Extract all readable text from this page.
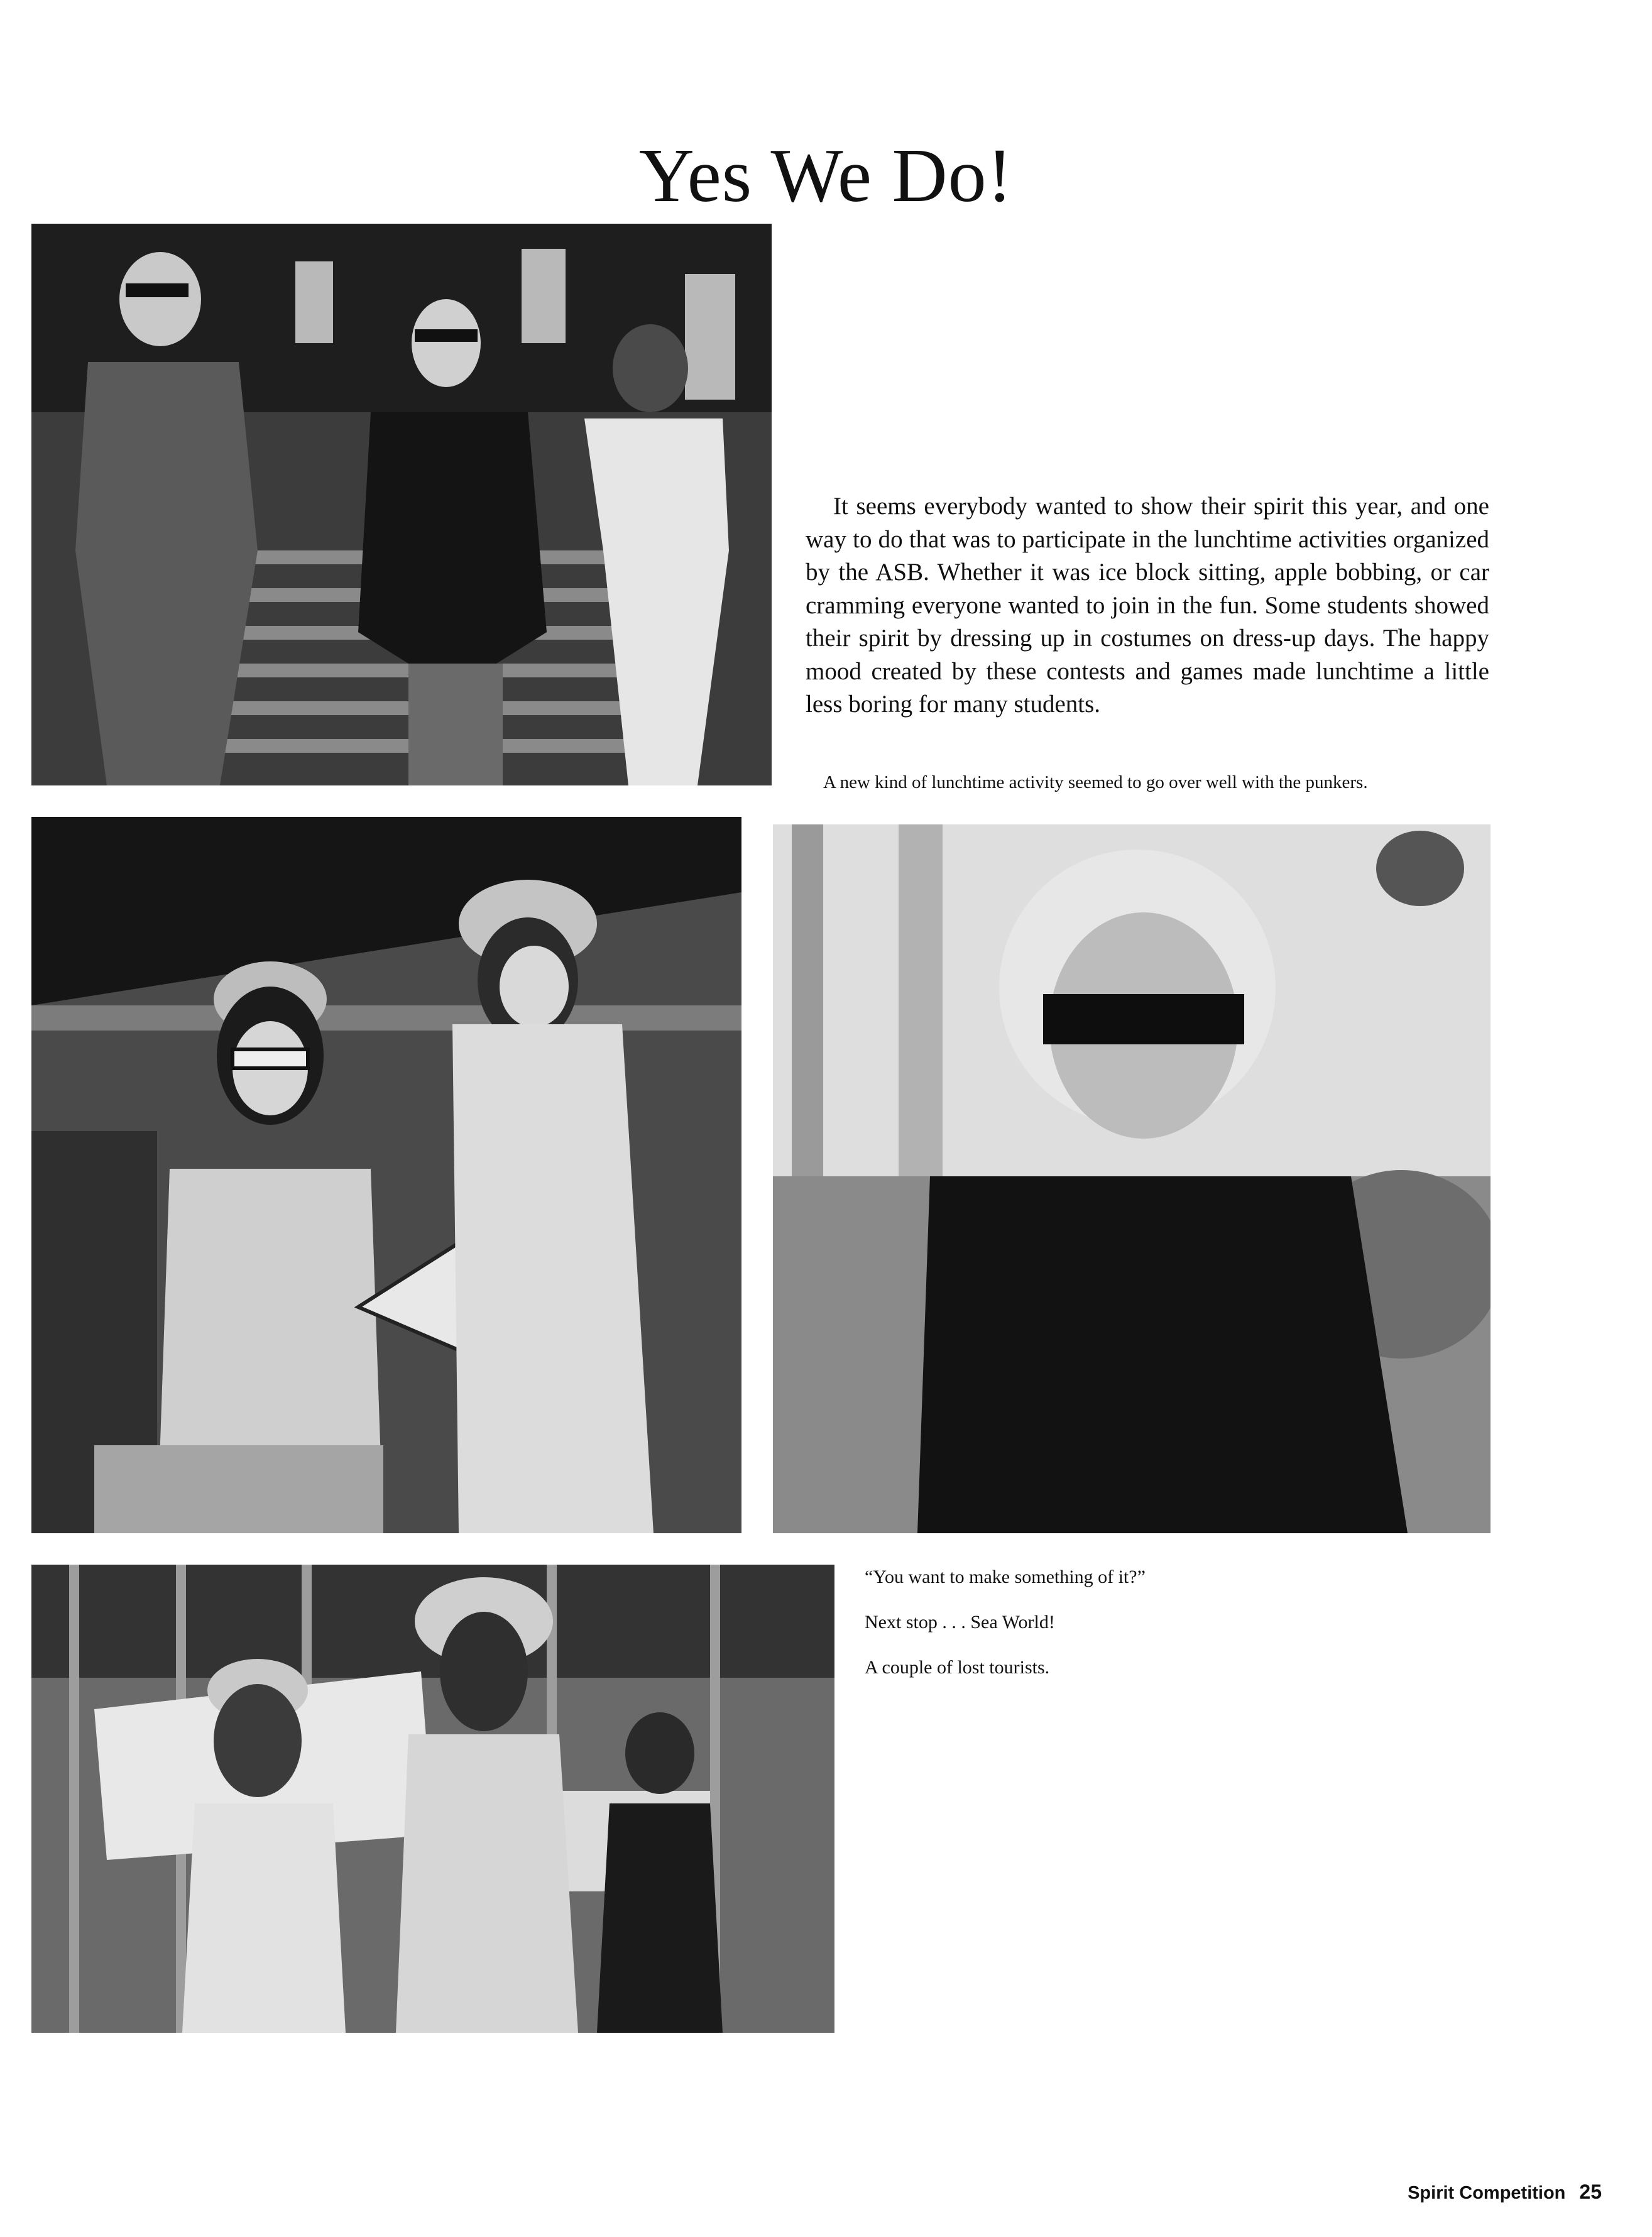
Yes We Do!

It seems everybody wanted to show their spirit this year, and one way to do that was to participate in the lunchtime activities organized by the ASB. Whether it was ice block sitting, apple bobbing, or car cramming everyone wanted to join in the fun. Some students showed their spirit by dressing up in costumes on dress-up days. The happy mood created by these contests and games made lunchtime a little less boring for many students.

A new kind of lunchtime activity seemed to go over well with the punkers.

“You want to make something of it?”

Next stop . . . Sea World!

A couple of lost tourists.

Spirit Competition 25
